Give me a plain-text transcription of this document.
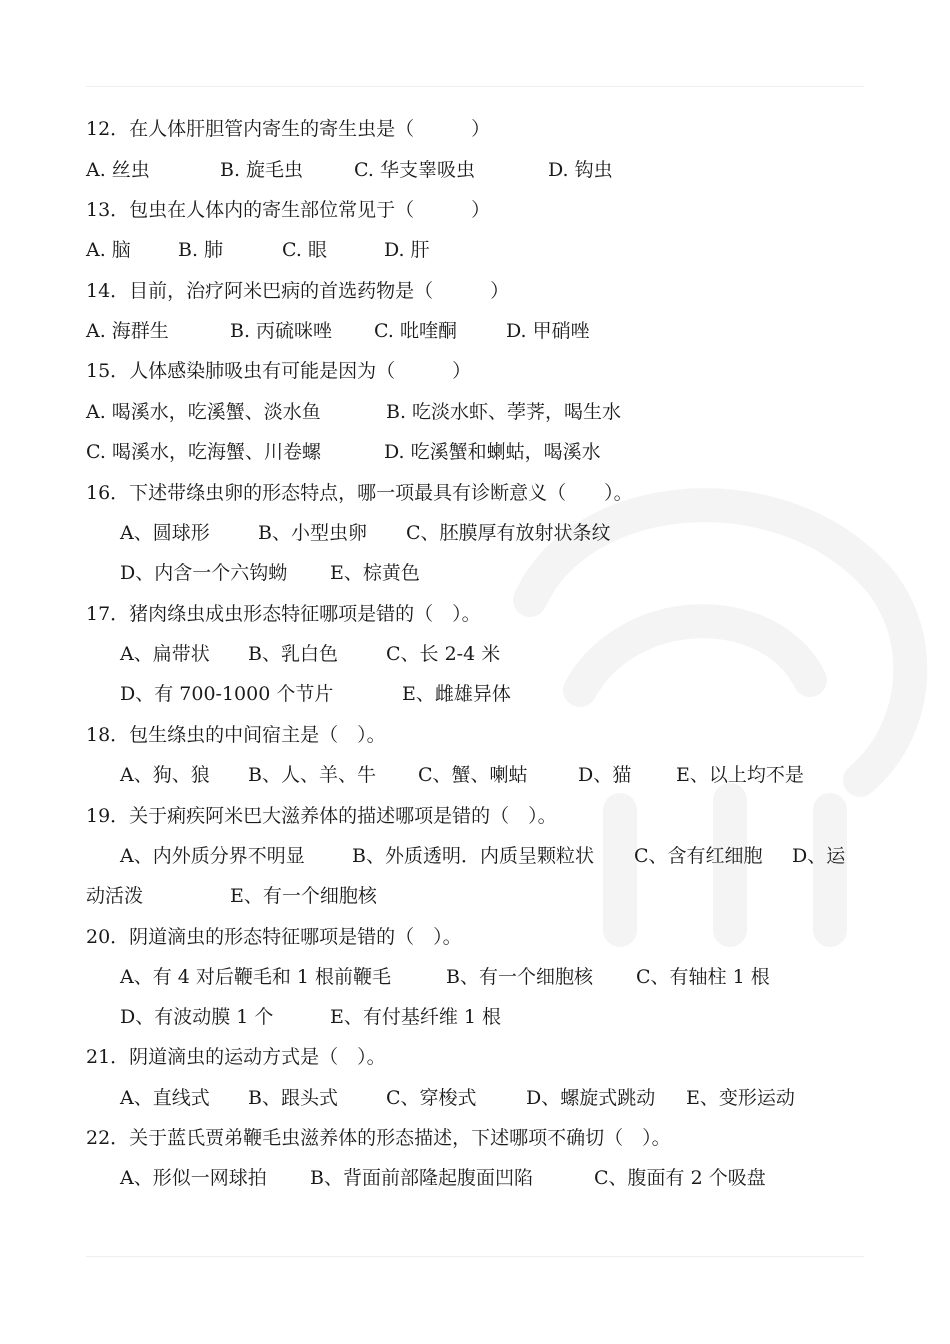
12．在人体肝胆管内寄生的寄生虫是（　　　）
A. 丝虫	B. 旋毛虫	C. 华支睾吸虫	D. 钩虫
13．包虫在人体内的寄生部位常见于（　　　）
A. 脑 B. 肺	C. 眼	D. 肝
14．目前，治疗阿米巴病的首选药物是（　　　）
A. 海群生	B. 丙硫咪唑 C. 吡喹酮	D. 甲硝唑
15．人体感染肺吸虫有可能是因为（　　　）
A. 喝溪水，吃溪蟹、淡水鱼	B. 吃淡水虾、荸荠，喝生水
C. 喝溪水，吃海蟹、川卷螺	D. 吃溪蟹和蝲蛄，喝溪水
16．下述带绦虫卵的形态特点，哪一项最具有诊断意义（　　）。
A、圆球形	B、小型虫卵 C、胚膜厚有放射状条纹
D、内含一个六钩蚴 E、棕黄色
17．猪肉绦虫成虫形态特征哪项是错的（　）。
A、扁带状 B、乳白色	C、长 2-4 米
D、有 700-1000 个节片	E、雌雄异体
18．包生绦虫的中间宿主是（　）。
A、狗、狼 B、人、羊、牛 C、蟹、喇蛄	D、猫 E、以上均不是
19．关于痢疾阿米巴大滋养体的描述哪项是错的（　）。
A、内外质分界不明显 B、外质透明．内质呈颗粒状 C、含有红细胞 D、运
动活泼	E、有一个细胞核
20．阴道滴虫的形态特征哪项是错的（　）。
A、有 4 对后鞭毛和 1 根前鞭毛	B、有一个细胞核 C、有轴柱 1 根
D、有波动膜 1 个	E、有付基纤维 1 根
21．阴道滴虫的运动方式是（　）。
A、直线式 B、跟头式	C、穿梭式	D、螺旋式跳动 E、变形运动
22．关于蓝氏贾弟鞭毛虫滋养体的形态描述，下述哪项不确切（　）。
A、形似一网球拍 B、背面前部隆起腹面凹陷	C、腹面有 2 个吸盘
